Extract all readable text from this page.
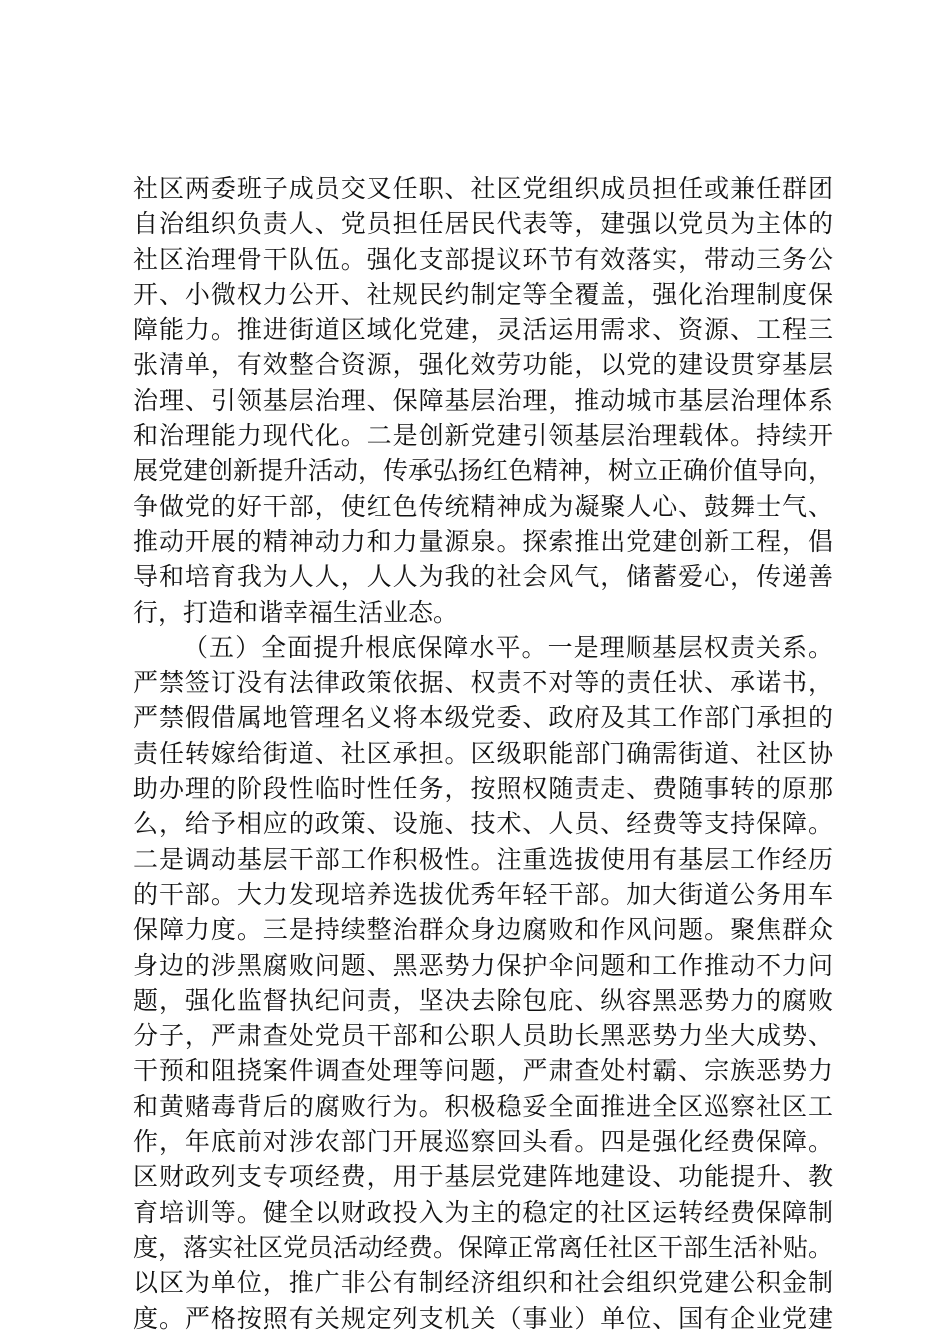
社区两委班子成员交叉任职、社区党组织成员担任或兼任群团
自治组织负责人、党员担任居民代表等，建强以党员为主体的
社区治理骨干队伍。强化支部提议环节有效落实，带动三务公
开、小微权力公开、社规民约制定等全覆盖，强化治理制度保
障能力。推进街道区域化党建，灵活运用需求、资源、工程三
张清单，有效整合资源，强化效劳功能，以党的建设贯穿基层
治理、引领基层治理、保障基层治理，推动城市基层治理体系
和治理能力现代化。二是创新党建引领基层治理载体。持续开
展党建创新提升活动，传承弘扬红色精神，树立正确价值导向，
争做党的好干部，使红色传统精神成为凝聚人心、鼓舞士气、
推动开展的精神动力和力量源泉。探索推出党建创新工程，倡
导和培育我为人人，人人为我的社会风气，储蓄爱心，传递善
行，打造和谐幸福生活业态。
（五）全面提升根底保障水平。一是理顺基层权责关系。
严禁签订没有法律政策依据、权责不对等的责任状、承诺书，
严禁假借属地管理名义将本级党委、政府及其工作部门承担的
责任转嫁给街道、社区承担。区级职能部门确需街道、社区协
助办理的阶段性临时性任务，按照权随责走、费随事转的原那
么，给予相应的政策、设施、技术、人员、经费等支持保障。
二是调动基层干部工作积极性。注重选拔使用有基层工作经历
的干部。大力发现培养选拔优秀年轻干部。加大街道公务用车
保障力度。三是持续整治群众身边腐败和作风问题。聚焦群众
身边的涉黑腐败问题、黑恶势力保护伞问题和工作推动不力问
题，强化监督执纪问责，坚决去除包庇、纵容黑恶势力的腐败
分子，严肃查处党员干部和公职人员助长黑恶势力坐大成势、
干预和阻挠案件调查处理等问题，严肃查处村霸、宗族恶势力
和黄赌毒背后的腐败行为。积极稳妥全面推进全区巡察社区工
作，年底前对涉农部门开展巡察回头看。四是强化经费保障。
区财政列支专项经费，用于基层党建阵地建设、功能提升、教
育培训等。健全以财政投入为主的稳定的社区运转经费保障制
度，落实社区党员活动经费。保障正常离任社区干部生活补贴。
以区为单位，推广非公有制经济组织和社会组织党建公积金制
度。严格按照有关规定列支机关（事业）单位、国有企业党建
